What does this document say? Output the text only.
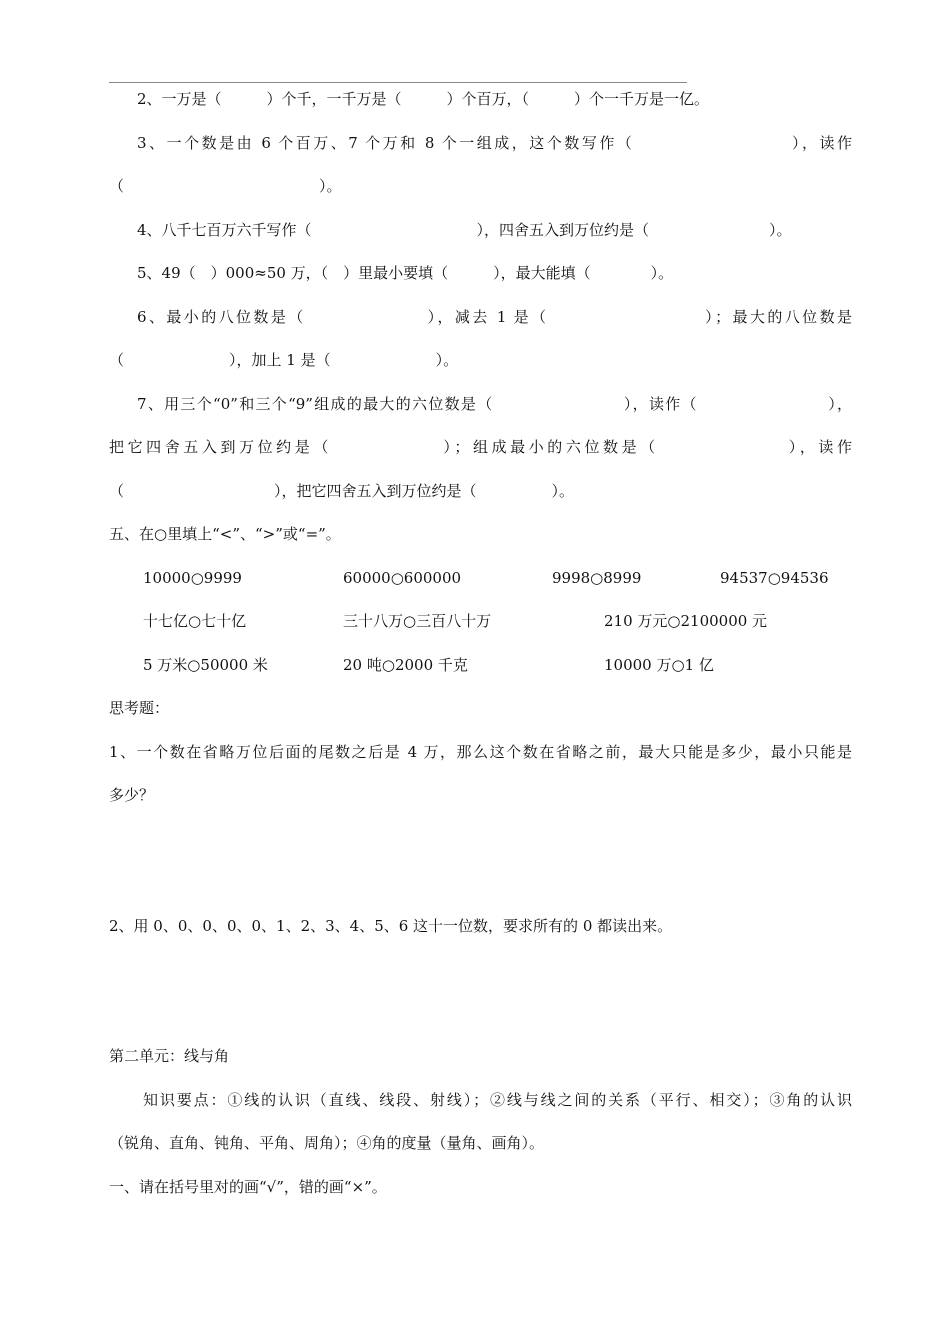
2、一万是（　　　）个千，一千万是（　　　）个百万，（　　　）个一千万是一亿。
3、一个数是由 6 个百万、7 个万和 8 个一组成，这个数写作（　　　　　　　　　），读作
（　　　　　　　　　　　　　）。
4、八千七百万六千写作（　　　　　　　　　　　），四舍五入到万位约是（　　　　　　　　）。
5、49（　）000≈50 万，（　）里最小要填（　　　），最大能填（　　　　）。
6、最小的八位数是（　　　　　　　），减去 1 是（　　　　　　　　　）；最大的八位数是
（　　　　　　　），加上 1 是（　　　　　　　）。
7、用三个“0”和三个“9”组成的最大的六位数是（　　　　　　　　），读作（　　　　　　　　），
把它四舍五入到万位约是（　　　　　　）；组成最小的六位数是（　　　　　　　），读作
（　　　　　　　　　　），把它四舍五入到万位约是（　　　　　）。
五、在○里填上“<”、“>”或“=”。
10000○9999	60000○600000	9998○8999	94537○94536
十七亿○七十亿	三十八万○三百八十万	210 万元○2100000 元
5 万米○50000 米	20 吨○2000 千克	10000 万○1 亿
思考题：
1、一个数在省略万位后面的尾数之后是 4 万，那么这个数在省略之前，最大只能是多少，最小只能是
多少？
2、用 0、0、0、0、0、1、2、3、4、5、6 这十一位数，要求所有的 0 都读出来。
第二单元：线与角
知识要点：①线的认识（直线、线段、射线）；②线与线之间的关系（平行、相交）；③角的认识
（锐角、直角、钝角、平角、周角）；④角的度量（量角、画角）。
一、请在括号里对的画“√”，错的画“×”。
